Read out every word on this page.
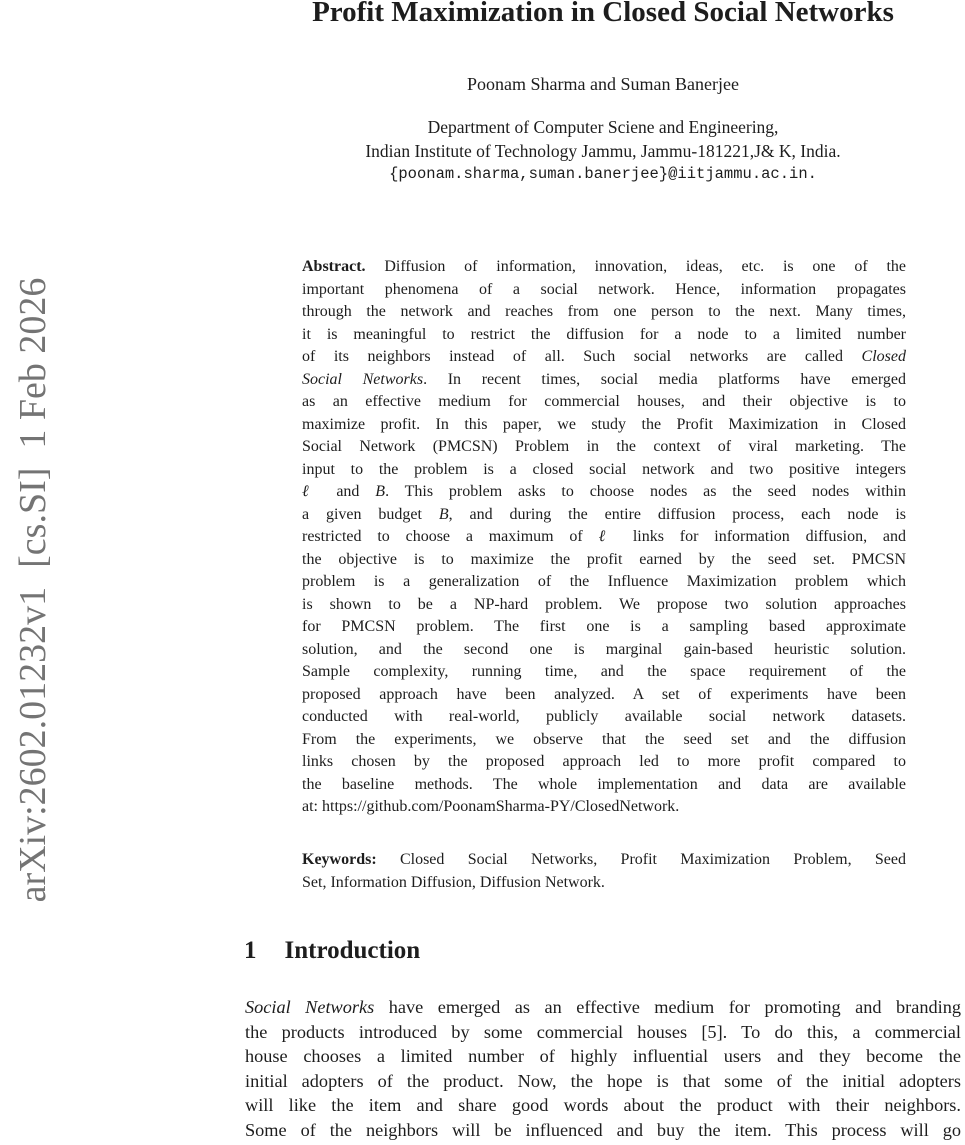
arXiv:2602.01232v1  [cs.SI]  1 Feb 2026
Profit Maximization in Closed Social Networks
Poonam Sharma and Suman Banerjee
Department of Computer Sciene and Engineering,
Indian Institute of Technology Jammu, Jammu-181221,J& K, India.
{poonam.sharma,suman.banerjee}@iitjammu.ac.in.
Abstract. Diffusion of information, innovation, ideas, etc. is one of the
important phenomena of a social network. Hence, information propagates
through the network and reaches from one person to the next. Many times,
it is meaningful to restrict the diffusion for a node to a limited number
of its neighbors instead of all. Such social networks are called Closed
Social Networks. In recent times, social media platforms have emerged
as an effective medium for commercial houses, and their objective is to
maximize profit. In this paper, we study the Profit Maximization in Closed
Social Network (PMCSN) Problem in the context of viral marketing. The
input to the problem is a closed social network and two positive integers
ℓ and B. This problem asks to choose nodes as the seed nodes within
a given budget B, and during the entire diffusion process, each node is
restricted to choose a maximum of ℓ links for information diffusion, and
the objective is to maximize the profit earned by the seed set. PMCSN
problem is a generalization of the Influence Maximization problem which
is shown to be a NP-hard problem. We propose two solution approaches
for PMCSN problem. The first one is a sampling based approximate
solution, and the second one is marginal gain-based heuristic solution.
Sample complexity, running time, and the space requirement of the
proposed approach have been analyzed. A set of experiments have been
conducted with real-world, publicly available social network datasets.
From the experiments, we observe that the seed set and the diffusion
links chosen by the proposed approach led to more profit compared to
the baseline methods. The whole implementation and data are available
at: https://github.com/PoonamSharma-PY/ClosedNetwork.
Keywords: Closed Social Networks, Profit Maximization Problem, Seed
Set, Information Diffusion, Diffusion Network.
1 Introduction
Social Networks have emerged as an effective medium for promoting and branding
the products introduced by some commercial houses [5]. To do this, a commercial
house chooses a limited number of highly influential users and they become the
initial adopters of the product. Now, the hope is that some of the initial adopters
will like the item and share good words about the product with their neighbors.
Some of the neighbors will be influenced and buy the item. This process will go
